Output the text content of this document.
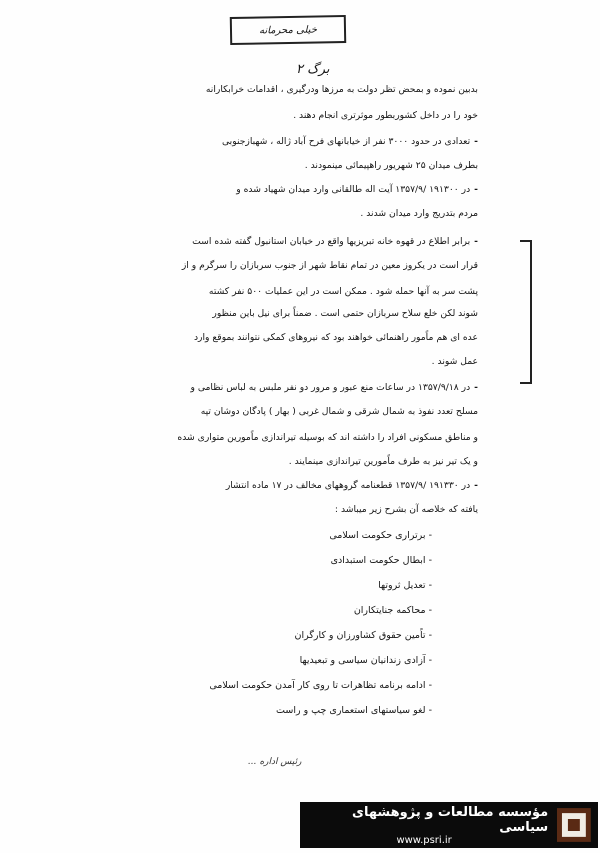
خیلی محرمانه
برگ ۲
بدبین نموده و بمحض تظر دولت به مرزها ودرگیری ، اقدامات خرابکارانه
خود را در داخل کشوربطور موثرتری انجام دهند .
-تعدادی در حدود ۳۰۰۰ نفر از خیابانهای فرح آباد ژاله ، شهبازجنوبی
بطرف میدان ۲۵ شهریور راهپیمائی مینمودند .
-در ۱۹۱۳۰۰ /۱۳۵۷/۹ آیت اله طالقانی وارد میدان شهیاد شده و
مردم بتدریج وارد میدان شدند .
-برابر اطلاع در قهوه خانه تبریزیها واقع در خیابان استانبول گفته شده است
قرار است در یکروز معین در تمام نقاط شهر از جنوب سربازان را سرگرم و از
پشت سر به آنها حمله شود . ممکن است در این عملیات ۵۰۰ نفر کشته
شوند لکن خلع سلاح سربازان حتمی است . ضمناً برای نیل باین منظور
عده ای هم ماًمور راهنمائی خواهند بود که نیروهای کمکی نتوانند بموقع وارد
عمل شوند .
-در ۱۳۵۷/۹/۱۸ در ساعات منع عبور و مرور دو نفر ملبس به لباس نظامی و
مسلح تعدد نفوذ به شمال شرقی و شمال غربی ( بهار ) پادگان دوشان تپه
و مناطق مسکونی افراد را داشته اند که بوسیله تیراندازی ماًمورین متواری شده
و یک تیر نیز به طرف ماًمورین تیراندازی مینمایند .
-در ۱۹۱۳۳۰ /۱۳۵۷/۹ قطعنامه گروههای مخالف در ۱۷ ماده انتشار
یافته که خلاصه آن بشرح زیر میباشد :
- برتراری حکومت اسلامی
- ابطال حکومت استبدادی
- تعدیل ثروتها
- محاکمه جنایتکاران
- تاًمین حقوق کشاورزان و کارگران
- آزادی زندانیان سیاسی و تبعیدیها
- ادامه برنامه تظاهرات تا روی کار آمدن حکومت اسلامی
- لغو سیاستهای استعماری چپ و راست
رئیس اداره ...
مؤسسه مطالعات و پژوهشهای سیاسی
www.psri.ir
